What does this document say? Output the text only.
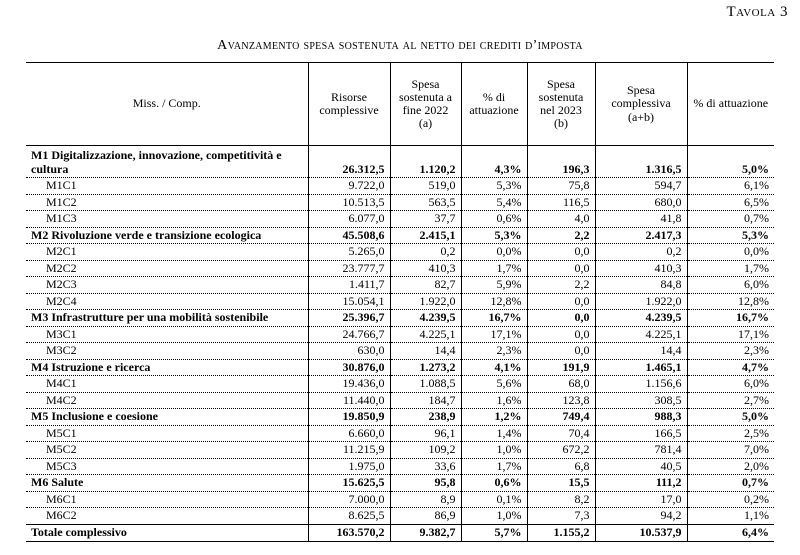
Tavola 3
Avanzamento spesa sostenuta al netto dei crediti d’imposta
Miss. / Comp.	Risorse complessive	Spesa sostenuta a fine 2022 (a)	% di attuazione	Spesa sostenuta nel 2023 (b)	Spesa complessiva (a+b)	% di attuazione
M1 Digitalizzazione, innovazione, competitività e cultura	26.312,5	1.120,2	4,3%	196,3	1.316,5	5,0%
M1C1	9.722,0	519,0	5,3%	75,8	594,7	6,1%
M1C2	10.513,5	563,5	5,4%	116,5	680,0	6,5%
M1C3	6.077,0	37,7	0,6%	4,0	41,8	0,7%
M2 Rivoluzione verde e transizione ecologica	45.508,6	2.415,1	5,3%	2,2	2.417,3	5,3%
M2C1	5.265,0	0,2	0,0%	0,0	0,2	0,0%
M2C2	23.777,7	410,3	1,7%	0,0	410,3	1,7%
M2C3	1.411,7	82,7	5,9%	2,2	84,8	6,0%
M2C4	15.054,1	1.922,0	12,8%	0,0	1.922,0	12,8%
M3 Infrastrutture per una mobilità sostenibile	25.396,7	4.239,5	16,7%	0,0	4.239,5	16,7%
M3C1	24.766,7	4.225,1	17,1%	0,0	4.225,1	17,1%
M3C2	630,0	14,4	2,3%	0,0	14,4	2,3%
M4 Istruzione e ricerca	30.876,0	1.273,2	4,1%	191,9	1.465,1	4,7%
M4C1	19.436,0	1.088,5	5,6%	68,0	1.156,6	6,0%
M4C2	11.440,0	184,7	1,6%	123,8	308,5	2,7%
M5 Inclusione e coesione	19.850,9	238,9	1,2%	749,4	988,3	5,0%
M5C1	6.660,0	96,1	1,4%	70,4	166,5	2,5%
M5C2	11.215,9	109,2	1,0%	672,2	781,4	7,0%
M5C3	1.975,0	33,6	1,7%	6,8	40,5	2,0%
M6 Salute	15.625,5	95,8	0,6%	15,5	111,2	0,7%
M6C1	7.000,0	8,9	0,1%	8,2	17,0	0,2%
M6C2	8.625,5	86,9	1,0%	7,3	94,2	1,1%
Totale complessivo	163.570,2	9.382,7	5,7%	1.155,2	10.537,9	6,4%
